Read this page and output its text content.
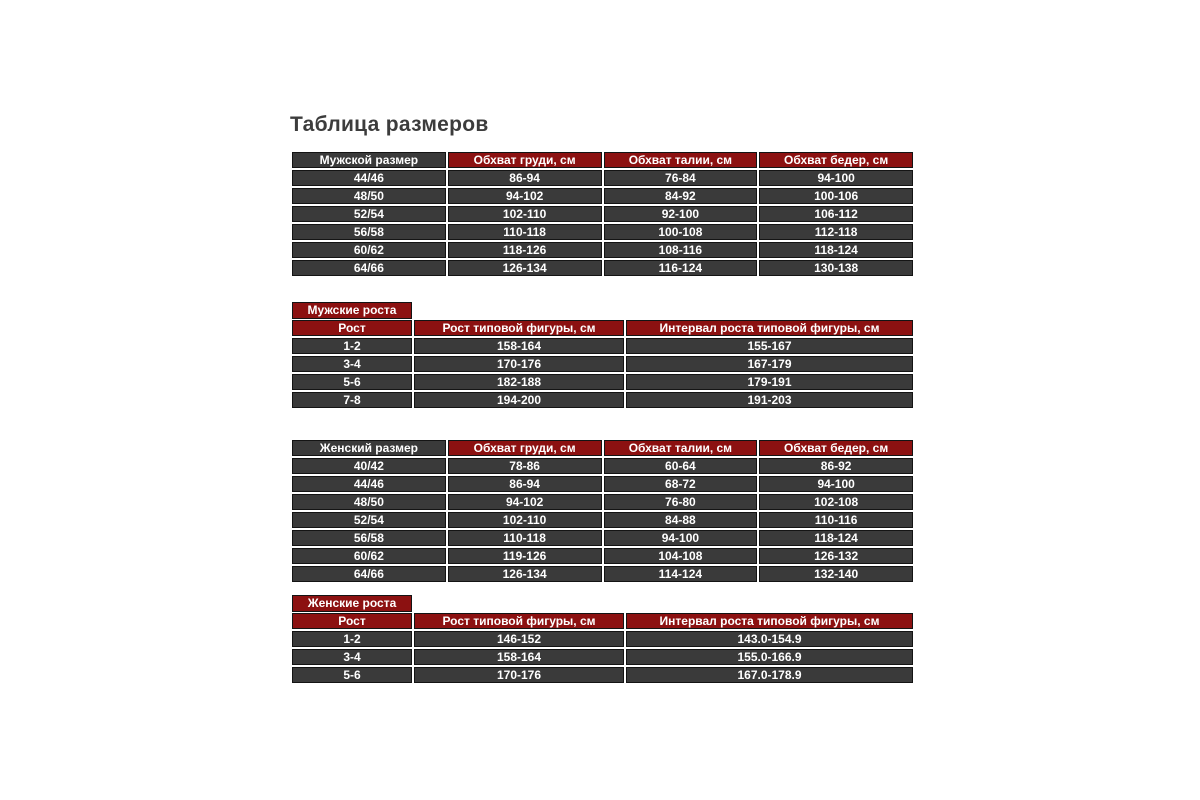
Таблица размеров
Мужской размер	Обхват груди, см	Обхват талии, см	Обхват бедер, см
44/46	86-94	76-84	94-100
48/50	94-102	84-92	100-106
52/54	102-110	92-100	106-112
56/58	110-118	100-108	112-118
60/62	118-126	108-116	118-124
64/66	126-134	116-124	130-138
Мужские роста
Рост	Рост типовой фигуры, см	Интервал роста типовой фигуры, см
1-2	158-164	155-167
3-4	170-176	167-179
5-6	182-188	179-191
7-8	194-200	191-203
Женский размер	Обхват груди, см	Обхват талии, см	Обхват бедер, см
40/42	78-86	60-64	86-92
44/46	86-94	68-72	94-100
48/50	94-102	76-80	102-108
52/54	102-110	84-88	110-116
56/58	110-118	94-100	118-124
60/62	119-126	104-108	126-132
64/66	126-134	114-124	132-140
Женские роста
Рост	Рост типовой фигуры, см	Интервал роста типовой фигуры, см
1-2	146-152	143.0-154.9
3-4	158-164	155.0-166.9
5-6	170-176	167.0-178.9
